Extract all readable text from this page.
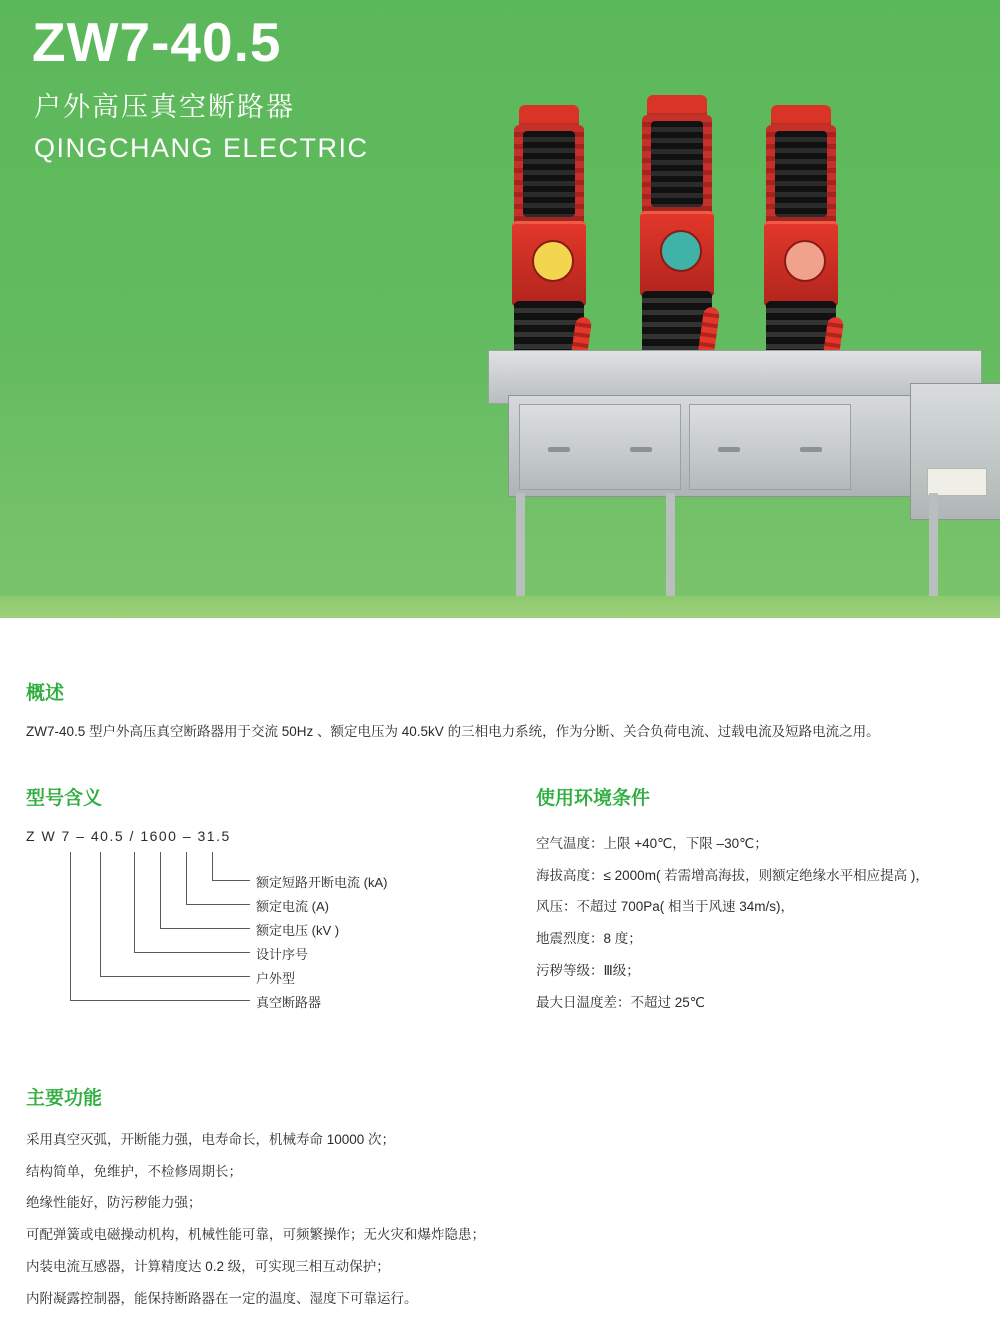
ZW7-40.5
户外高压真空断路器
QINGCHANG ELECTRIC
概述
ZW7-40.5 型户外高压真空断路器用于交流 50Hz 、额定电压为 40.5kV 的三相电力系统，作为分断、关合负荷电流、过载电流及短路电流之用。
型号含义
Z W 7 – 40.5 / 1600 – 31.5
额定短路开断电流 (kA)
额定电流 (A)
额定电压 (kV )
设计序号
户外型
真空断路器
使用环境条件
空气温度：上限 +40℃，下限 –30℃；
海拔高度：≤ 2000m( 若需增高海拔，则额定绝缘水平相应提高 )，
风压：不超过 700Pa( 相当于风速 34m/s)，
地震烈度：8 度；
污秽等级：Ⅲ级；
最大日温度差：不超过 25℃
主要功能
采用真空灭弧，开断能力强，电寿命长，机械寿命 10000 次；
结构简单，免维护，不检修周期长；
绝缘性能好，防污秽能力强；
可配弹簧或电磁操动机构，机械性能可靠，可频繁操作；无火灾和爆炸隐患；
内装电流互感器，计算精度达 0.2 级，可实现三相互动保护；
内附凝露控制器，能保持断路器在一定的温度、湿度下可靠运行。
